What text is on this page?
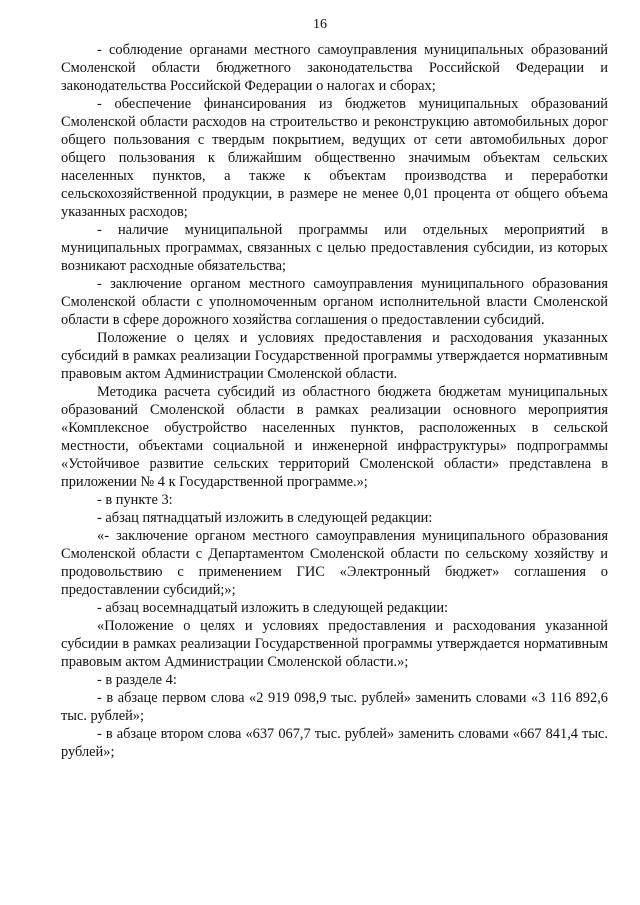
16

- соблюдение органами местного самоуправления муниципальных образований Смоленской области бюджетного законодательства Российской Федерации и законодательства Российской Федерации о налогах и сборах;

- обеспечение финансирования из бюджетов муниципальных образований Смоленской области расходов на строительство и реконструкцию автомобильных дорог общего пользования с твердым покрытием, ведущих от сети автомобильных дорог общего пользования к ближайшим общественно значимым объектам сельских населенных пунктов, а также к объектам производства и переработки сельскохозяйственной продукции, в размере не менее 0,01 процента от общего объема указанных расходов;

- наличие муниципальной программы или отдельных мероприятий в муниципальных программах, связанных с целью предоставления субсидии, из которых возникают расходные обязательства;

- заключение органом местного самоуправления муниципального образования Смоленской области с уполномоченным органом исполнительной власти Смоленской области в сфере дорожного хозяйства соглашения о предоставлении субсидий.

Положение о целях и условиях предоставления и расходования указанных субсидий в рамках реализации Государственной программы утверждается нормативным правовым актом Администрации Смоленской области.

Методика расчета субсидий из областного бюджета бюджетам муниципальных образований Смоленской области в рамках реализации основного мероприятия «Комплексное обустройство населенных пунктов, расположенных в сельской местности, объектами социальной и инженерной инфраструктуры» подпрограммы «Устойчивое развитие сельских территорий Смоленской области» представлена в приложении № 4 к Государственной программе.»;

- в пункте 3:

- абзац пятнадцатый изложить в следующей редакции:

«- заключение органом местного самоуправления муниципального образования Смоленской области с Департаментом Смоленской области по сельскому хозяйству и продовольствию с применением ГИС «Электронный бюджет» соглашения о предоставлении субсидий;»;

- абзац восемнадцатый изложить в следующей редакции:

«Положение о целях и условиях предоставления и расходования указанной субсидии в рамках реализации Государственной программы утверждается нормативным правовым актом Администрации Смоленской области.»;

- в разделе 4:

- в абзаце первом слова «2 919 098,9 тыс. рублей» заменить словами «3 116 892,6 тыс. рублей»;

- в абзаце втором слова «637 067,7 тыс. рублей» заменить словами «667 841,4 тыс. рублей»;
